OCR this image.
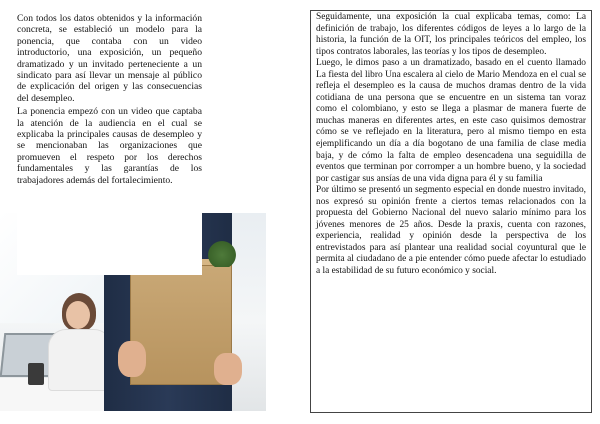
Con todos los datos obtenidos y la información concreta, se estableció un modelo para la ponencia, que contaba con un video introductorio, una exposición, un pequeño dramatizado y un invitado perteneciente a un sindicato para así llevar un mensaje al público de explicación del origen y las consecuencias del desempleo.

La ponencia empezó con un video que captaba la atención de la audiencia en el cual se explicaba la principales causas de desempleo y se mencionaban las organizaciones que promueven el respeto por los derechos fundamentales y las garantías de los trabajadores además del fortalecimiento.

Seguidamente, una exposición la cual explicaba temas, como: La definición de trabajo, los diferentes códigos de leyes a lo largo de la historia, la función de la OIT, los principales teóricos del empleo, los tipos contratos laborales, las teorías y los tipos de desempleo.

Luego, le dimos paso a un dramatizado, basado en el cuento llamado La fiesta del libro Una escalera al cielo de Mario Mendoza en el cual se refleja el desempleo es la causa de muchos dramas dentro de la vida cotidiana de una persona que se encuentre en un sistema tan voraz como el colombiano, y esto se llega a plasmar de manera fuerte de muchas maneras en diferentes artes, en este caso quisimos demostrar cómo se ve reflejado en la literatura, pero al mismo tiempo en esta ejemplificando un día a día bogotano de una familia de clase media baja, y de cómo la falta de empleo desencadena una seguidilla de eventos que terminan por corromper a un hombre bueno, y la sociedad por castigar sus ansías de una vida digna para él y su familia

Por último se presentó un segmento especial en donde nuestro invitado, nos expresó su opinión frente a ciertos temas relacionados con la propuesta del Gobierno Nacional del nuevo salario mínimo para los jóvenes menores de 25 años. Desde la praxis, cuenta con razones, experiencia, realidad y opinión desde la perspectiva de los entrevistados para así plantear una realidad social coyuntural que le permita al ciudadano de a pie entender cómo puede afectar lo estudiado a la estabilidad de su futuro económico y social.
